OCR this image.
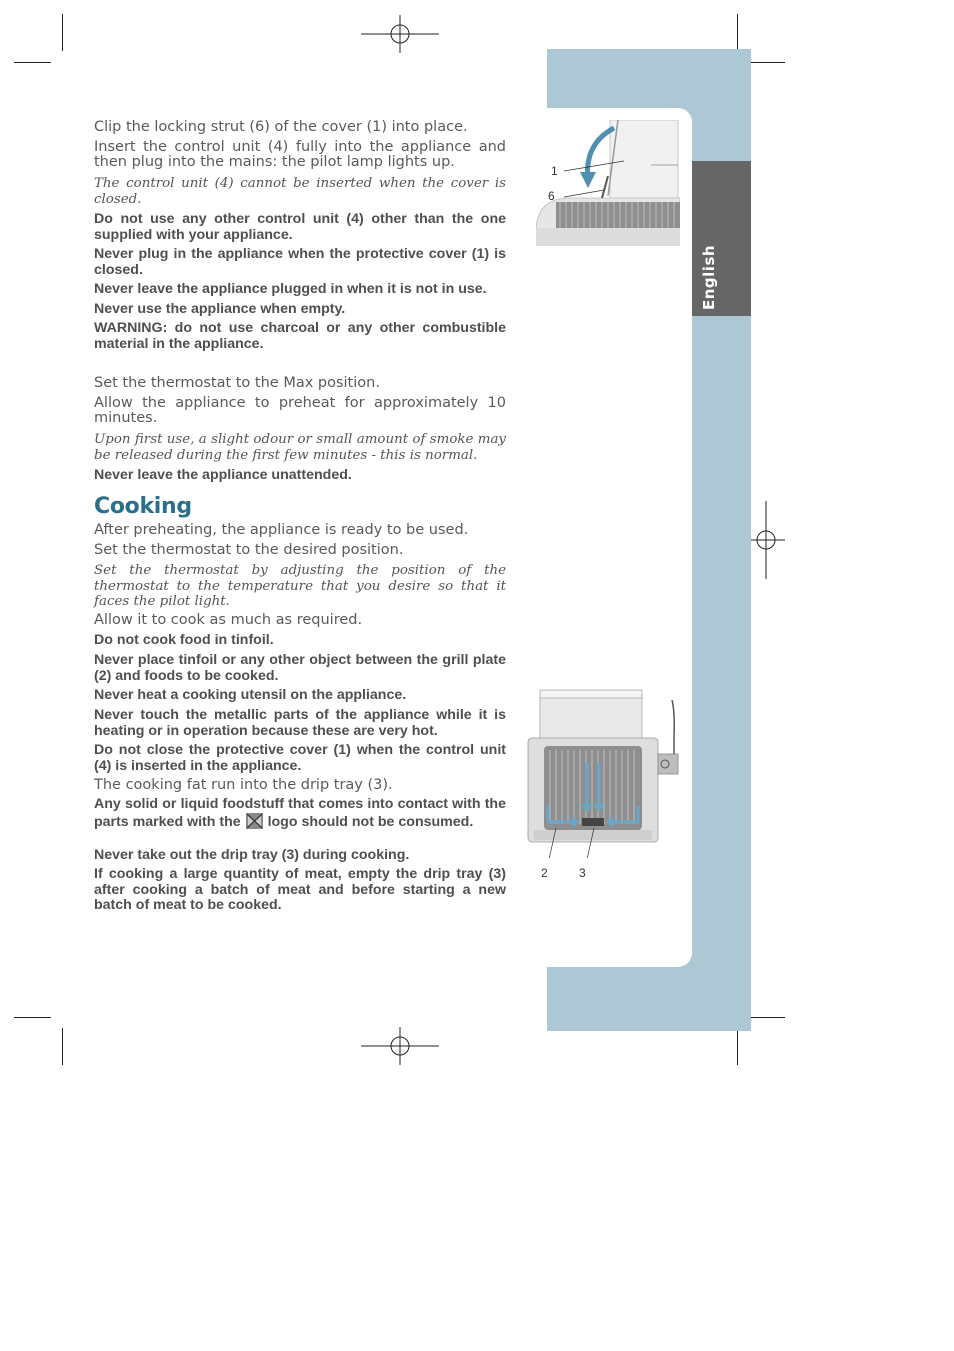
English

Clip the locking strut (6) of the cover (1) into place.

Insert the control unit (4) fully into the appliance and then plug into the mains: the pilot lamp lights up.

The control unit (4) cannot be inserted when the cover is closed.

Do not use any other control unit (4) other than the one supplied with your appliance.

Never plug in the appliance when the protective cover (1) is closed.

Never leave the appliance plugged in when it is not in use.

Never use the appliance when empty.

WARNING: do not use charcoal or any other combustible material in the appliance.

Set the thermostat to the Max position.

Allow the appliance to preheat for approximately 10 minutes.

Upon first use, a slight odour or small amount of smoke may be released during the first few minutes - this is normal.

Never leave the appliance unattended.

Cooking

After preheating, the appliance is ready to be used.

Set the thermostat to the desired position.

Set the thermostat by adjusting the position of the thermostat to the temperature that you desire so that it faces the pilot light.

Allow it to cook as much as required.

Do not cook food in tinfoil.

Never place tinfoil or any other object between the grill plate (2) and foods to be cooked.

Never heat a cooking utensil on the appliance.

Never touch the metallic parts of the appliance while it is heating or in operation because these are very hot.

Do not close the protective cover (1) when the control unit (4) is inserted in the appliance.

The cooking fat run into the drip tray (3).

Any solid or liquid foodstuff that comes into contact with the parts marked with the logo should not be consumed.

Never take out the drip tray (3) during cooking.

If cooking a large quantity of meat, empty the drip tray (3) after cooking a batch of meat and before starting a new batch of meat to be cooked.

1
6
2	3
